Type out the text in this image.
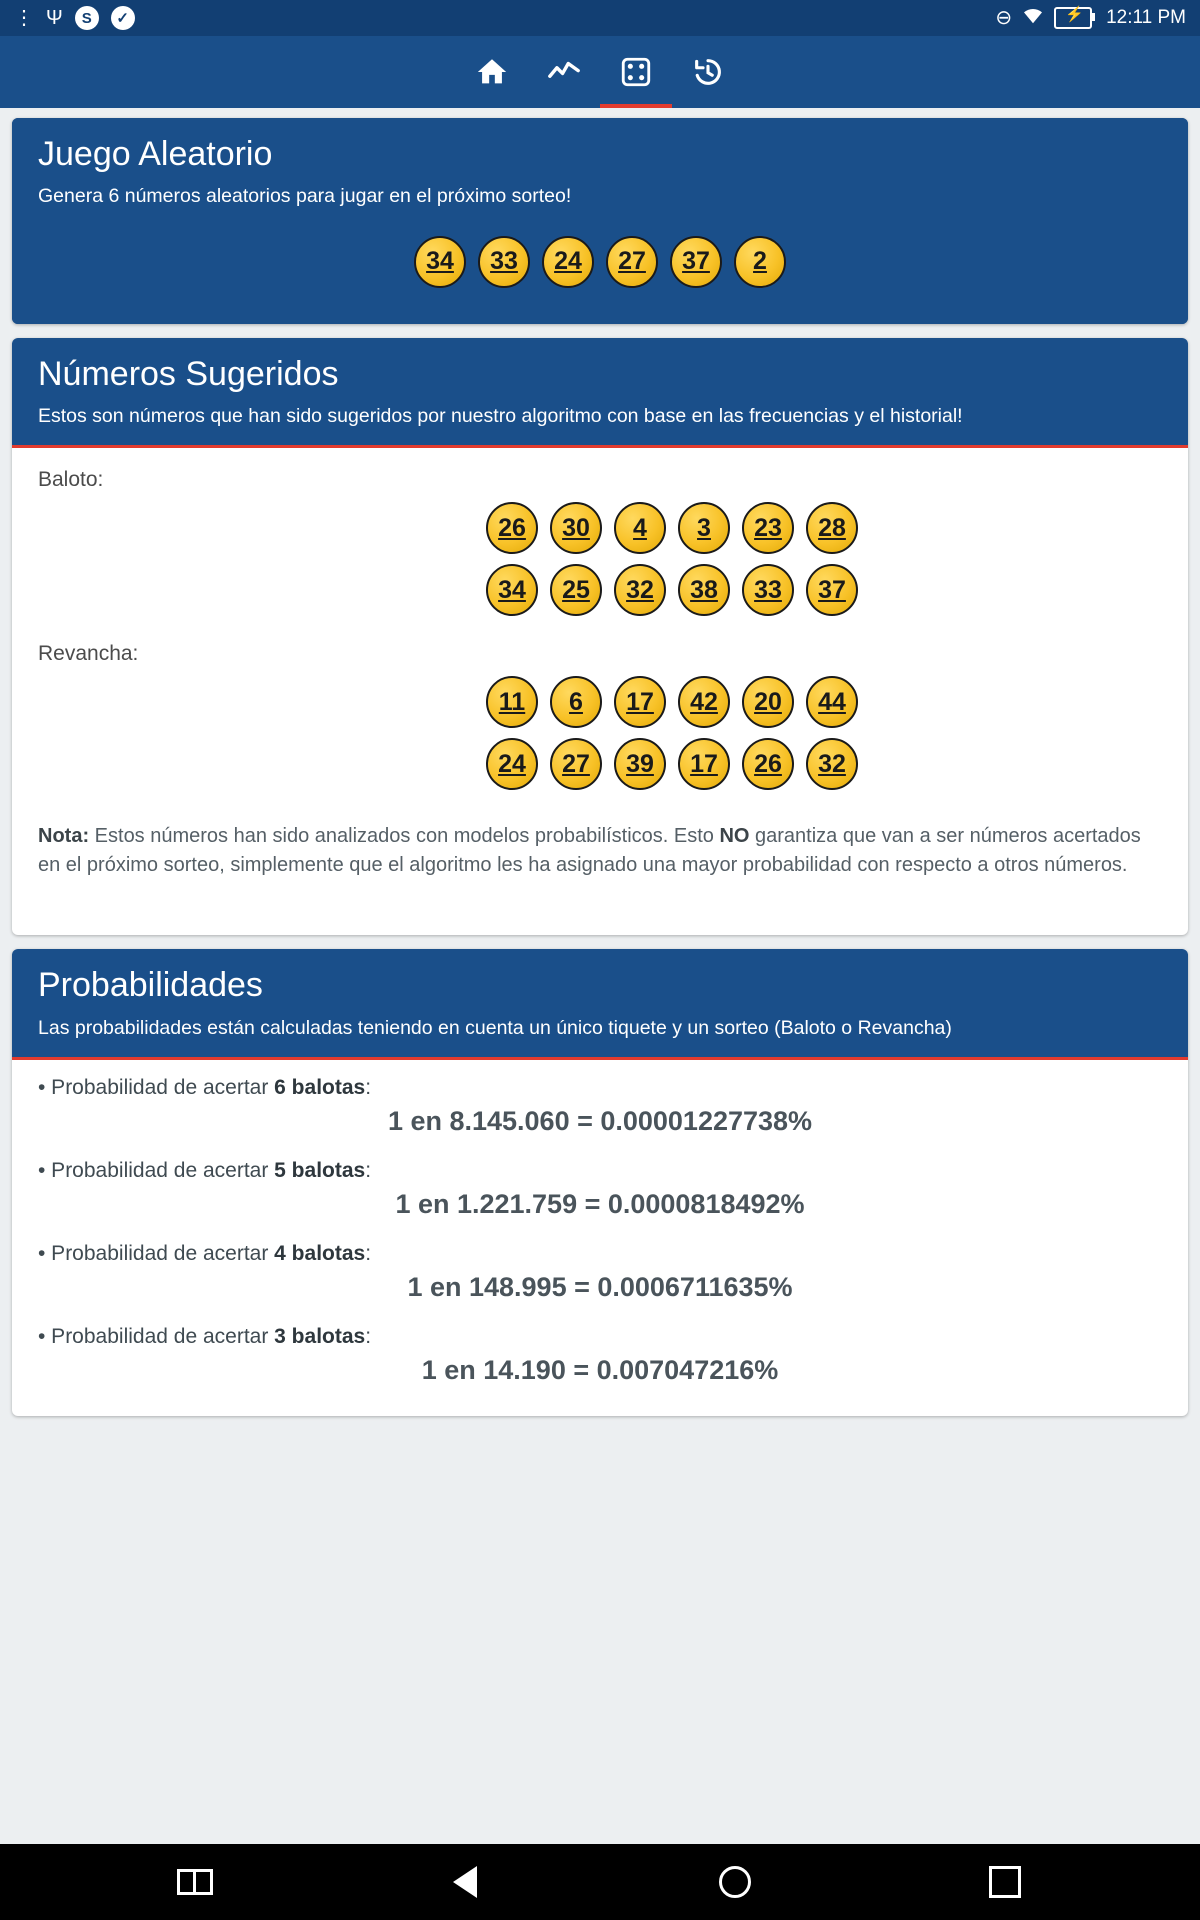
⋮ Ψ	S	✓	⊖	⚡ 12:11 PM
Juego Aleatorio

Genera 6 números aleatorios para jugar en el próximo sorteo!

34	33	24	27	37	2
Números Sugeridos

Estos son números que han sido sugeridos por nuestro algoritmo con base en las frecuencias y el historial!

Baloto:
26	30	4	3	23	28
34	25	32	38	33	37
Revancha:
11	6	17	42	20	44
24	27	39	17	26	32

Nota: Estos números han sido analizados con modelos probabilísticos. Esto NO garantiza que van a ser números acertados en el próximo sorteo, simplemente que el algoritmo les ha asignado una mayor probabilidad con respecto a otros números.

Probabilidades

Las probabilidades están calculadas teniendo en cuenta un único tiquete y un sorteo (Baloto o Revancha)

• Probabilidad de acertar 6 balotas:

1 en 8.145.060 = 0.00001227738%

• Probabilidad de acertar 5 balotas:

1 en 1.221.759 = 0.0000818492%

• Probabilidad de acertar 4 balotas:

1 en 148.995 = 0.0006711635%

• Probabilidad de acertar 3 balotas:

1 en 14.190 = 0.007047216%
